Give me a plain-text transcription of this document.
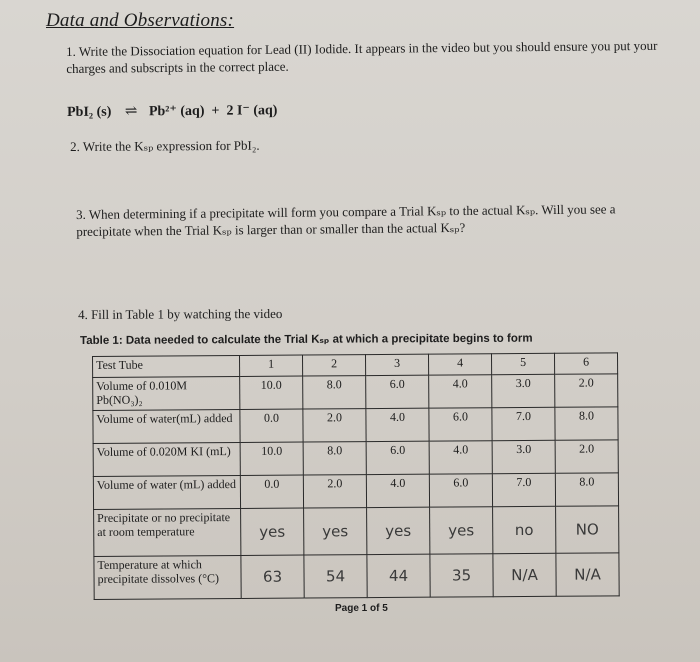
Data and Observations:
1. Write the Dissociation equation for Lead (II) Iodide. It appears in the video but you should ensure you put your charges and subscripts in the correct place.
PbI₂ (s) ⇌ Pb²⁺ (aq) + 2 I⁻ (aq)
2. Write the Kₛₚ expression for PbI₂.
3. When determining if a precipitate will form you compare a Trial Kₛₚ to the actual Kₛₚ. Will you see a precipitate when the Trial Kₛₚ is larger than or smaller than the actual Kₛₚ?
4. Fill in Table 1 by watching the video
Table 1: Data needed to calculate the Trial Kₛₚ at which a precipitate begins to form
Test Tube	1	2	3	4	5	6
Volume of 0.010M Pb(NO₃)₂	10.0	8.0	6.0	4.0	3.0	2.0
Volume of water(mL) added	0.0	2.0	4.0	6.0	7.0	8.0
Volume of 0.020M KI (mL)	10.0	8.0	6.0	4.0	3.0	2.0
Volume of water (mL) added	0.0	2.0	4.0	6.0	7.0	8.0
Precipitate or no precipitate at room temperature	yes	yes	yes	yes	no	NO
Temperature at which precipitate dissolves (°C)	63	54	44	35	N/A	N/A
Page 1 of 5
